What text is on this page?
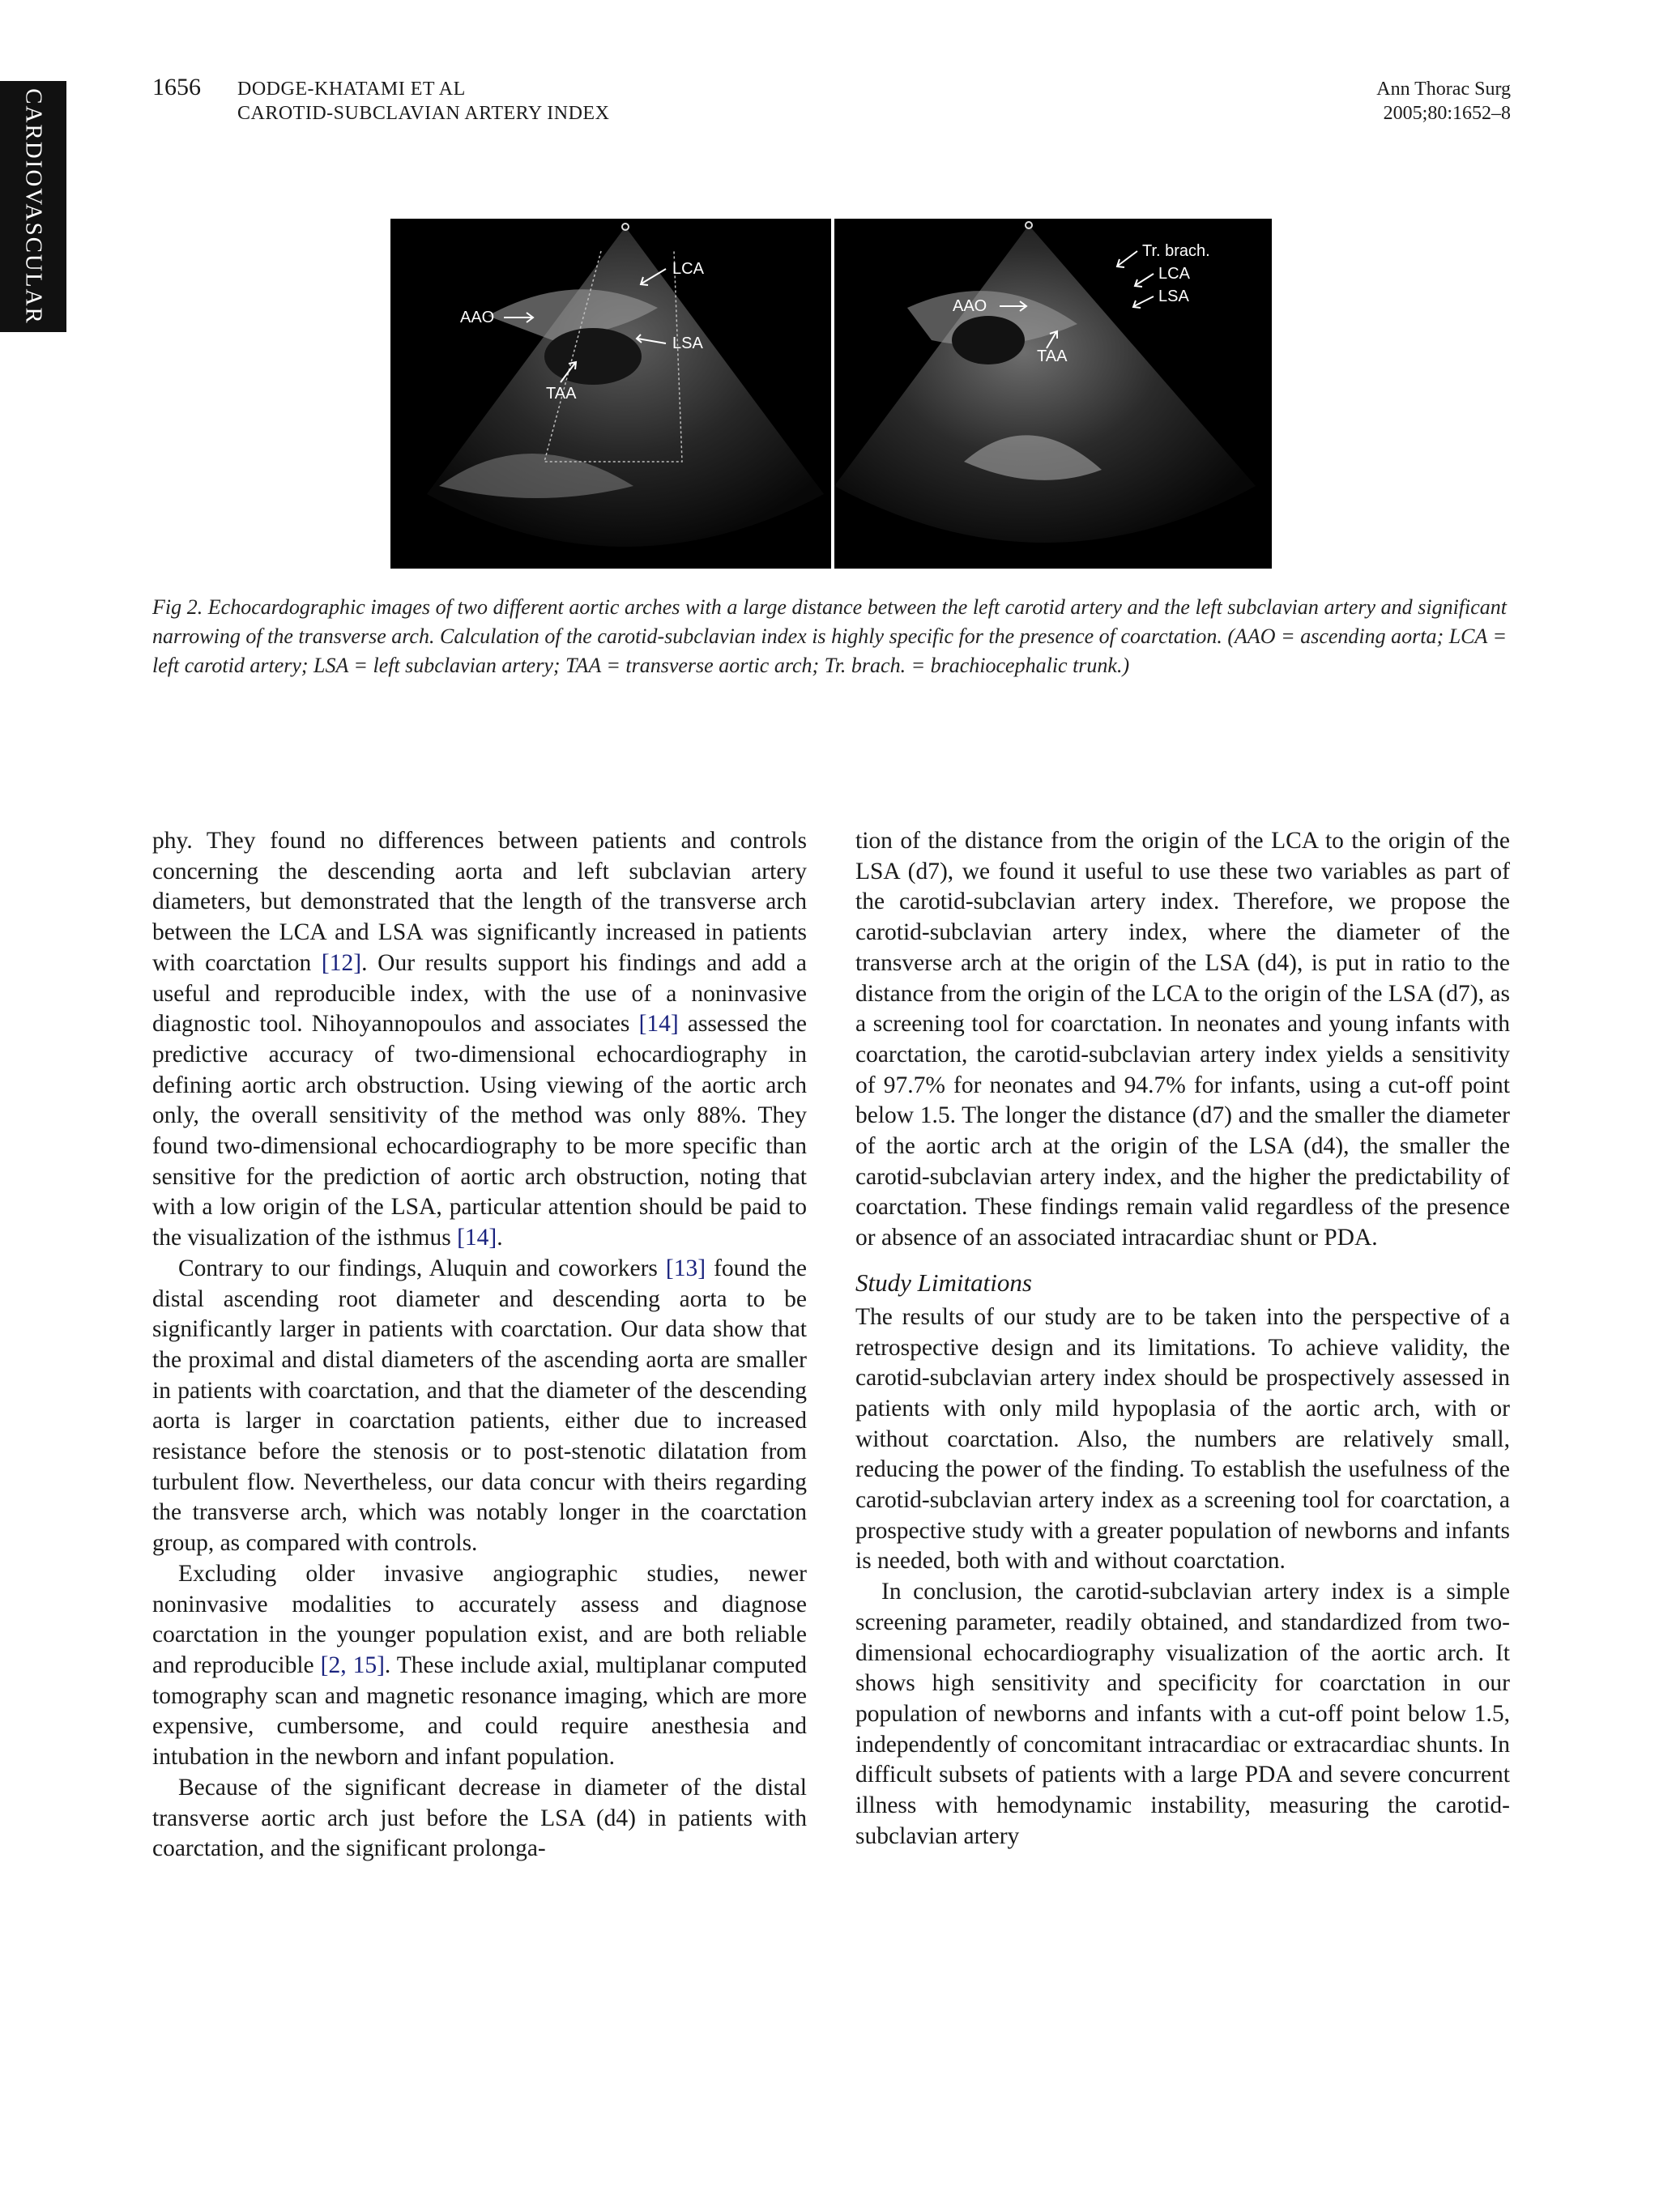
CARDIOVASCULAR
1656 DODGE-KHATAMI ET AL
CAROTID-SUBCLAVIAN ARTERY INDEX
Ann Thorac Surg
2005;80:1652–8
AAO
LCA
LSA
TAA
Tr. brach.
LCA
LSA
AAO
TAA
Fig 2. Echocardographic images of two different aortic arches with a large distance between the left carotid artery and the left subclavian artery and significant narrowing of the transverse arch. Calculation of the carotid-subclavian index is highly specific for the presence of coarctation. (AAO = ascending aorta; LCA = left carotid artery; LSA = left subclavian artery; TAA = transverse aortic arch; Tr. brach. = brachiocephalic trunk.)

phy. They found no differences between patients and controls concerning the descending aorta and left subclavian artery diameters, but demonstrated that the length of the transverse arch between the LCA and LSA was significantly increased in patients with coarctation [12]. Our results support his findings and add a useful and reproducible index, with the use of a noninvasive diagnostic tool. Nihoyannopoulos and associates [14] assessed the predictive accuracy of two-dimensional echocardiography in defining aortic arch obstruction. Using viewing of the aortic arch only, the overall sensitivity of the method was only 88%. They found two-dimensional echocardiography to be more specific than sensitive for the prediction of aortic arch obstruction, noting that with a low origin of the LSA, particular attention should be paid to the visualization of the isthmus [14].

Contrary to our findings, Aluquin and coworkers [13] found the distal ascending root diameter and descending aorta to be significantly larger in patients with coarctation. Our data show that the proximal and distal diameters of the ascending aorta are smaller in patients with coarctation, and that the diameter of the descending aorta is larger in coarctation patients, either due to increased resistance before the stenosis or to post-stenotic dilatation from turbulent flow. Nevertheless, our data concur with theirs regarding the transverse arch, which was notably longer in the coarctation group, as compared with controls.

Excluding older invasive angiographic studies, newer noninvasive modalities to accurately assess and diagnose coarctation in the younger population exist, and are both reliable and reproducible [2, 15]. These include axial, multiplanar computed tomography scan and magnetic resonance imaging, which are more expensive, cumbersome, and could require anesthesia and intubation in the newborn and infant population.

Because of the significant decrease in diameter of the distal transverse aortic arch just before the LSA (d4) in patients with coarctation, and the significant prolonga-

tion of the distance from the origin of the LCA to the origin of the LSA (d7), we found it useful to use these two variables as part of the carotid-subclavian artery index. Therefore, we propose the carotid-subclavian artery index, where the diameter of the transverse arch at the origin of the LSA (d4), is put in ratio to the distance from the origin of the LCA to the origin of the LSA (d7), as a screening tool for coarctation. In neonates and young infants with coarctation, the carotid-subclavian artery index yields a sensitivity of 97.7% for neonates and 94.7% for infants, using a cut-off point below 1.5. The longer the distance (d7) and the smaller the diameter of the aortic arch at the origin of the LSA (d4), the smaller the carotid-subclavian artery index, and the higher the predictability of coarctation. These findings remain valid regardless of the presence or absence of an associated intracardiac shunt or PDA.

Study Limitations

The results of our study are to be taken into the perspective of a retrospective design and its limitations. To achieve validity, the carotid-subclavian artery index should be prospectively assessed in patients with only mild hypoplasia of the aortic arch, with or without coarctation. Also, the numbers are relatively small, reducing the power of the finding. To establish the usefulness of the carotid-subclavian artery index as a screening tool for coarctation, a prospective study with a greater population of newborns and infants is needed, both with and without coarctation.

In conclusion, the carotid-subclavian artery index is a simple screening parameter, readily obtained, and standardized from two-dimensional echocardiography visualization of the aortic arch. It shows high sensitivity and specificity for coarctation in our population of newborns and infants with a cut-off point below 1.5, independently of concomitant intracardiac or extracardiac shunts. In difficult subsets of patients with a large PDA and severe concurrent illness with hemodynamic instability, measuring the carotid-subclavian artery
